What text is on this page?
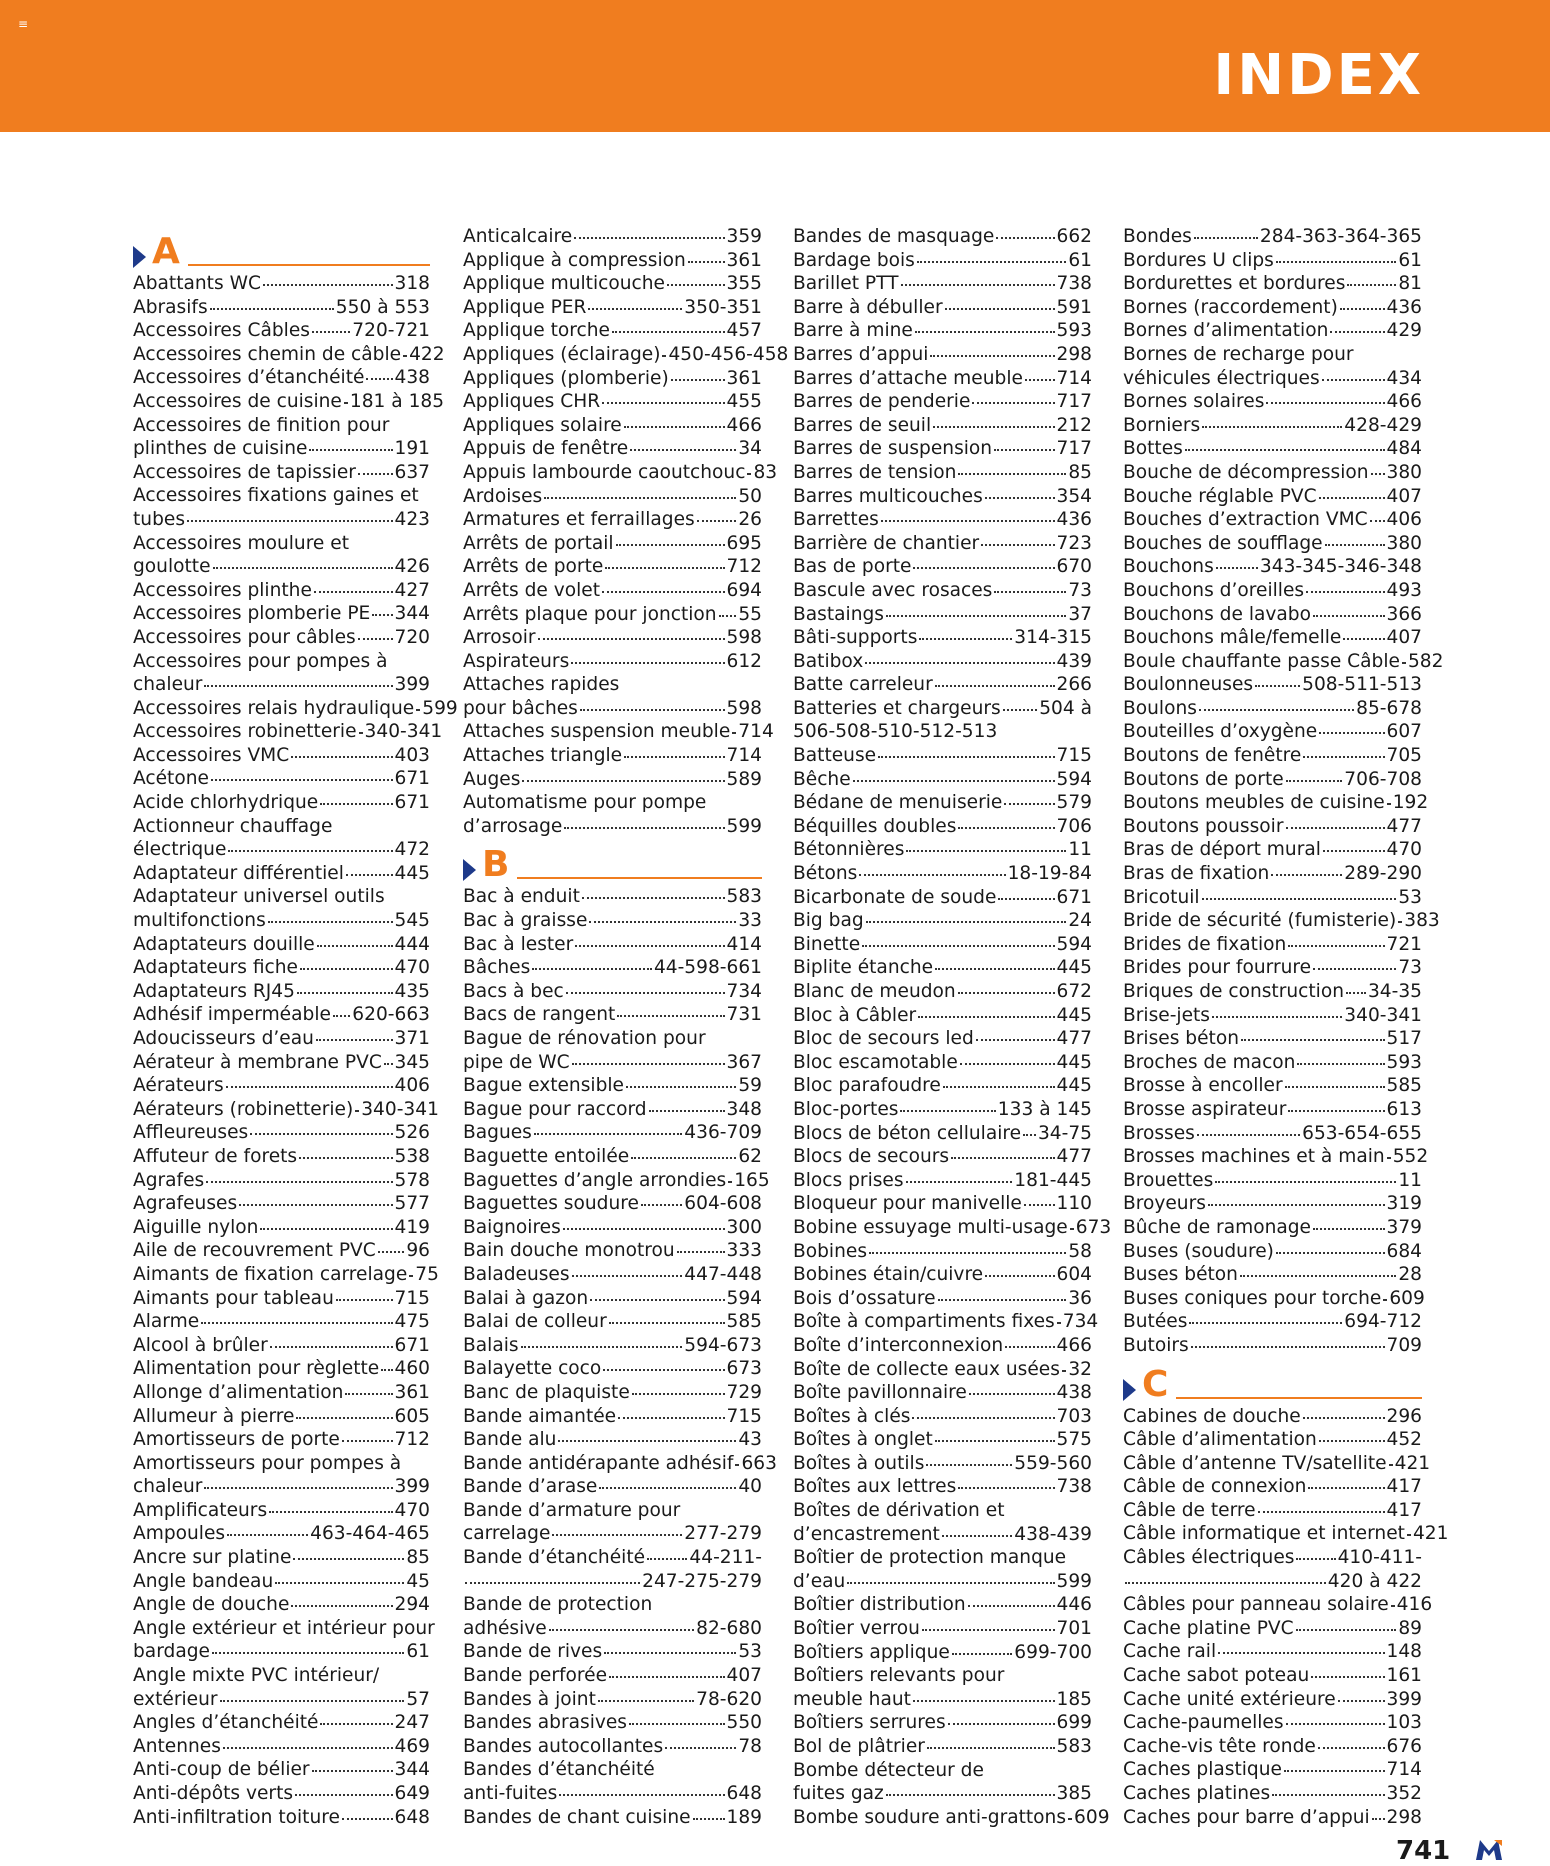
≡
INDEX
A
Abattants WC	318
Abrasifs	550 à 553
Accessoires Câbles 720-721
Accessoires chemin de câble 422
Accessoires d’étanchéité 438
Accessoires de cuisine 181 à 185
Accessoires de finition pour
plinthes de cuisine	191
Accessoires de tapissier 637
Accessoires fixations gaines et
tubes	423
Accessoires moulure et
goulotte	426
Accessoires plinthe	427
Accessoires plomberie PE 344
Accessoires pour câbles 720
Accessoires pour pompes à
chaleur	399
Accessoires relais hydraulique 599
Accessoires robinetterie 340-341
Accessoires VMC	403
Acétone	671
Acide chlorhydrique	671
Actionneur chauffage
électrique	472
Adaptateur différentiel	445
Adaptateur universel outils
multifonctions	545
Adaptateurs douille	444
Adaptateurs fiche	470
Adaptateurs RJ45	435
Adhésif imperméable 620-663
Adoucisseurs d’eau	371
Aérateur à membrane PVC 345
Aérateurs	406
Aérateurs (robinetterie) 340-341
Affleureuses	526
Affuteur de forets	538
Agrafes	578
Agrafeuses	577
Aiguille nylon	419
Aile de recouvrement PVC 96
Aimants de fixation carrelage 75
Aimants pour tableau	715
Alarme	475
Alcool à brûler	671
Alimentation pour règlette 460
Allonge d’alimentation	361
Allumeur à pierre	605
Amortisseurs de porte	712
Amortisseurs pour pompes à
chaleur	399
Amplificateurs	470
Ampoules	463-464-465
Ancre sur platine	85
Angle bandeau	45
Angle de douche	294
Angle extérieur et intérieur pour
bardage	61
Angle mixte PVC intérieur/
extérieur	57
Angles d’étanchéité	247
Antennes	469
Anti-coup de bélier	344
Anti-dépôts verts	649
Anti-infiltration toiture	648
Anticalcaire	359
Applique à compression 361
Applique multicouche	355
Applique PER	350-351
Applique torche	457
Appliques (éclairage) 450-456-458
Appliques (plomberie)	361
Appliques CHR	455
Appliques solaire	466
Appuis de fenêtre	34
Appuis lambourde caoutchouc 83
Ardoises	50
Armatures et ferraillages 26
Arrêts de portail	695
Arrêts de porte	712
Arrêts de volet	694
Arrêts plaque pour jonction 55
Arrosoir	598
Aspirateurs	612
Attaches rapides
pour bâches	598
Attaches suspension meuble 714
Attaches triangle	714
Auges	589
Automatisme pour pompe
d’arrosage	599
B
Bac à enduit	583
Bac à graisse	33
Bac à lester	414
Bâches	44-598-661
Bacs à bec	734
Bacs de rangent	731
Bague de rénovation pour
pipe de WC	367
Bague extensible	59
Bague pour raccord	348
Bagues	436-709
Baguette entoilée	62
Baguettes d’angle arrondies 165
Baguettes soudure 604-608
Baignoires	300
Bain douche monotrou	333
Baladeuses	447-448
Balai à gazon	594
Balai de colleur	585
Balais	594-673
Balayette coco	673
Banc de plaquiste	729
Bande aimantée	715
Bande alu	43
Bande antidérapante adhésif 663
Bande d’arase	40
Bande d’armature pour
carrelage	277-279
Bande d’étanchéité 44-211-
247-275-279
Bande de protection
adhésive	82-680
Bande de rives	53
Bande perforée	407
Bandes à joint	78-620
Bandes abrasives	550
Bandes autocollantes	78
Bandes d’étanchéité
anti-fuites	648
Bandes de chant cuisine 189
Bandes de masquage	662
Bardage bois	61
Barillet PTT	738
Barre à débuller	591
Barre à mine	593
Barres d’appui	298
Barres d’attache meuble 714
Barres de penderie	717
Barres de seuil	212
Barres de suspension	717
Barres de tension	85
Barres multicouches	354
Barrettes	436
Barrière de chantier	723
Bas de porte	670
Bascule avec rosaces	73
Bastaings	37
Bâti-supports	314-315
Batibox	439
Batte carreleur	266
Batteries et chargeurs 504 à
506-508-510-512-513
Batteuse	715
Bêche	594
Bédane de menuiserie	579
Béquilles doubles	706
Bétonnières	11
Bétons	18-19-84
Bicarbonate de soude	671
Big bag	24
Binette	594
Biplite étanche	445
Blanc de meudon	672
Bloc à Câbler	445
Bloc de secours led	477
Bloc escamotable	445
Bloc parafoudre	445
Bloc-portes	133 à 145
Blocs de béton cellulaire 34-75
Blocs de secours	477
Blocs prises	181-445
Bloqueur pour manivelle 110
Bobine essuyage multi-usage 673
Bobines	58
Bobines étain/cuivre	604
Bois d’ossature	36
Boîte à compartiments fixes 734
Boîte d’interconnexion	466
Boîte de collecte eaux usées 32
Boîte pavillonnaire	438
Boîtes à clés	703
Boîtes à onglet	575
Boîtes à outils	559-560
Boîtes aux lettres	738
Boîtes de dérivation et
d’encastrement	438-439
Boîtier de protection manque
d’eau	599
Boîtier distribution	446
Boîtier verrou	701
Boîtiers applique	699-700
Boîtiers relevants pour
meuble haut	185
Boîtiers serrures	699
Bol de plâtrier	583
Bombe détecteur de
fuites gaz	385
Bombe soudure anti-grattons 609
Bondes	284-363-364-365
Bordures U clips	61
Bordurettes et bordures	81
Bornes (raccordement)	436
Bornes d’alimentation	429
Bornes de recharge pour
véhicules électriques	434
Bornes solaires	466
Borniers	428-429
Bottes	484
Bouche de décompression 380
Bouche réglable PVC	407
Bouches d’extraction VMC 406
Bouches de soufflage	380
Bouchons 343-345-346-348
Bouchons d’oreilles	493
Bouchons de lavabo	366
Bouchons mâle/femelle 407
Boule chauffante passe Câble 582
Boulonneuses	508-511-513
Boulons	85-678
Bouteilles d’oxygène	607
Boutons de fenêtre	705
Boutons de porte	706-708
Boutons meubles de cuisine 192
Boutons poussoir	477
Bras de déport mural	470
Bras de fixation	289-290
Bricotuil	53
Bride de sécurité (fumisterie) 383
Brides de fixation	721
Brides pour fourrure	73
Briques de construction 34-35
Brise-jets	340-341
Brises béton	517
Broches de macon	593
Brosse à encoller	585
Brosse aspirateur	613
Brosses	653-654-655
Brosses machines et à main 552
Brouettes	11
Broyeurs	319
Bûche de ramonage	379
Buses (soudure)	684
Buses béton	28
Buses coniques pour torche 609
Butées	694-712
Butoirs	709
C
Cabines de douche	296
Câble d’alimentation	452
Câble d’antenne TV/satellite 421
Câble de connexion	417
Câble de terre	417
Câble informatique et internet 421
Câbles électriques 410-411-
420 à 422
Câbles pour panneau solaire 416
Cache platine PVC	89
Cache rail	148
Cache sabot poteau	161
Cache unité extérieure	399
Cache-paumelles	103
Cache-vis tête ronde	676
Caches plastique	714
Caches platines	352
Caches pour barre d’appui 298
741
